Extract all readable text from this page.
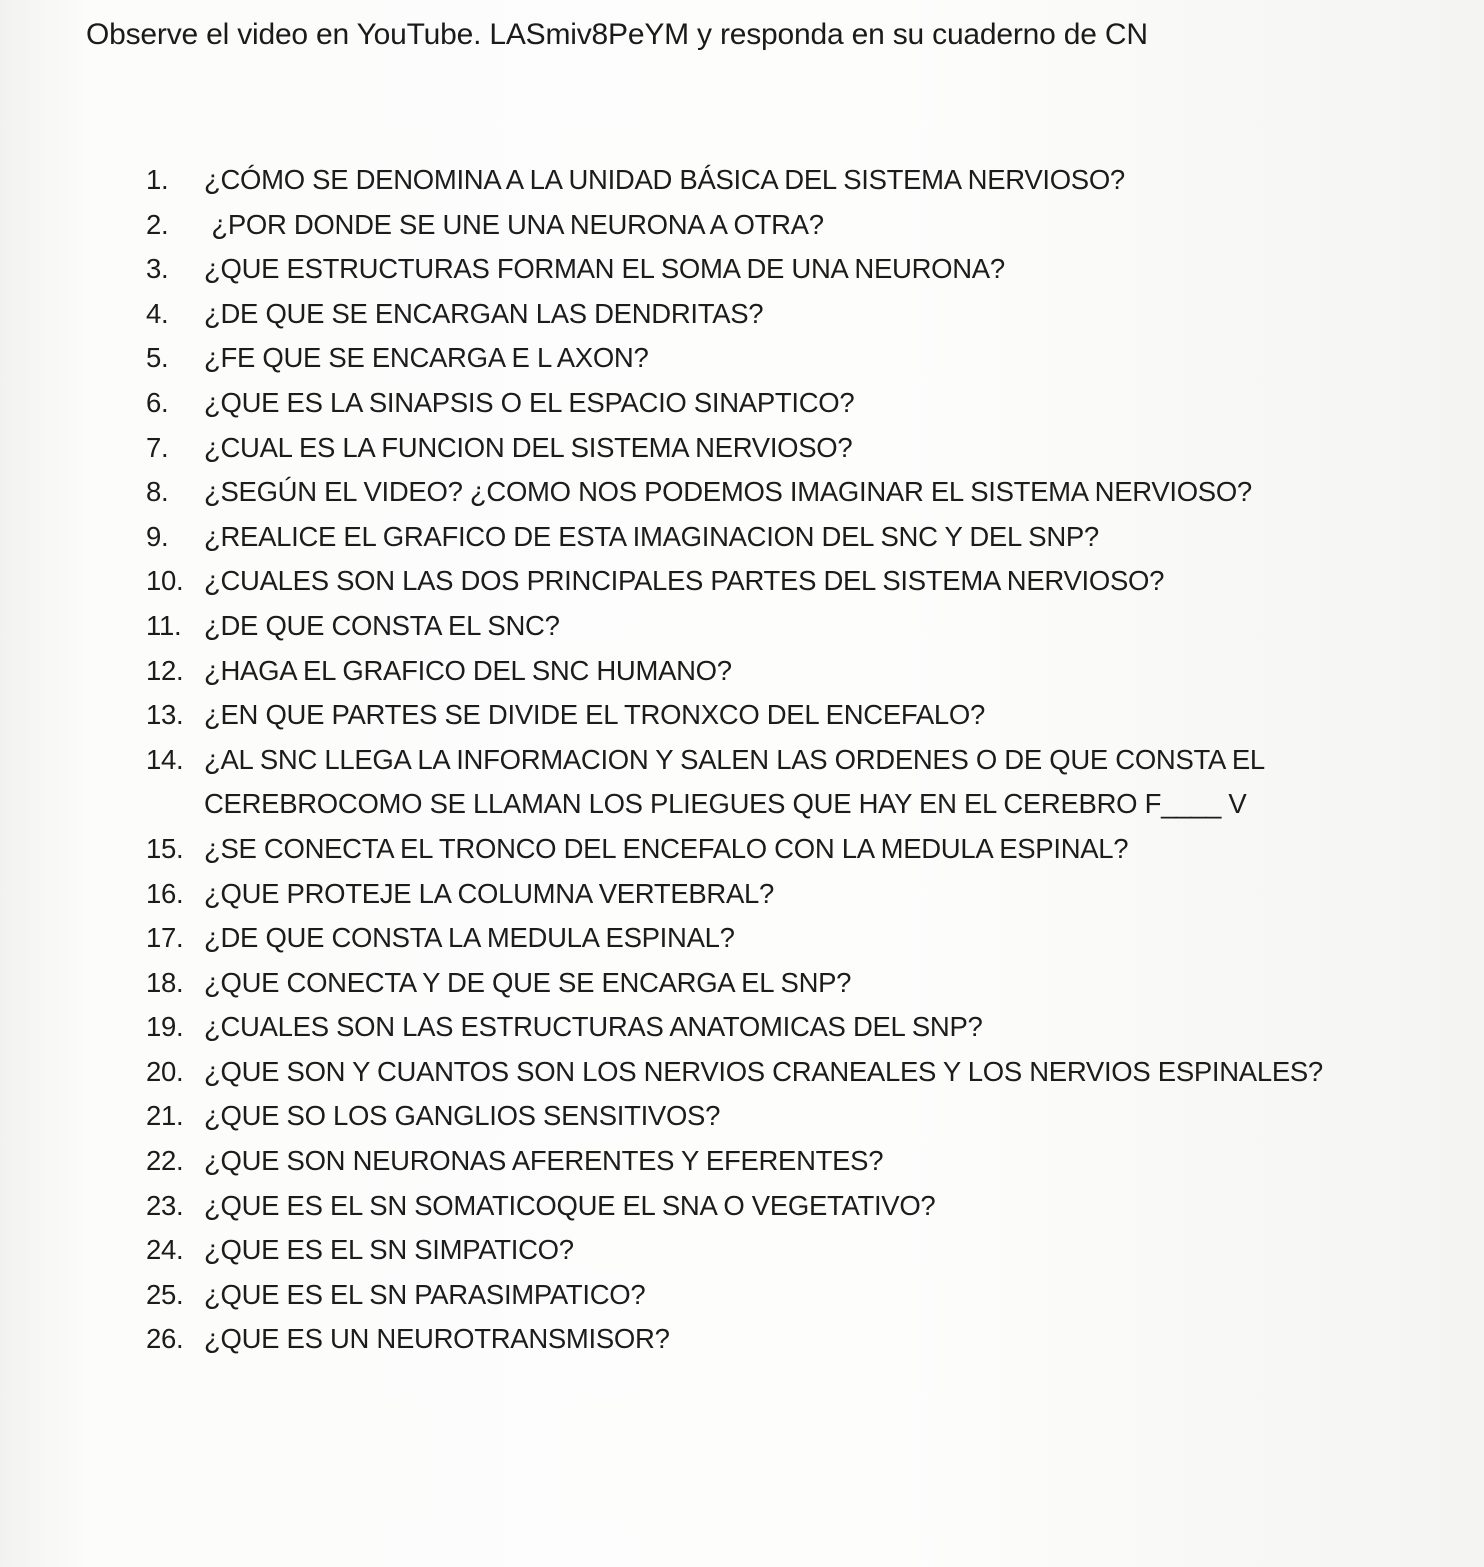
Observe el video en YouTube. LASmiv8PeYM y responda en su cuaderno de CN
1.	¿CÓMO SE DENOMINA A LA UNIDAD BÁSICA DEL SISTEMA NERVIOSO?
2.	¿POR DONDE SE UNE UNA NEURONA A OTRA?
3.	¿QUE ESTRUCTURAS FORMAN EL SOMA DE UNA NEURONA?
4.	¿DE QUE SE ENCARGAN LAS DENDRITAS?
5.	¿FE QUE SE ENCARGA E L AXON?
6.	¿QUE ES LA SINAPSIS O EL ESPACIO SINAPTICO?
7.	¿CUAL ES LA FUNCION DEL SISTEMA NERVIOSO?
8.	¿SEGÚN EL VIDEO? ¿COMO NOS PODEMOS IMAGINAR EL SISTEMA NERVIOSO?
9.	¿REALICE EL GRAFICO DE ESTA IMAGINACION DEL SNC Y DEL SNP?
10. ¿CUALES SON LAS DOS PRINCIPALES PARTES DEL SISTEMA NERVIOSO?
11. ¿DE QUE CONSTA EL SNC?
12. ¿HAGA EL GRAFICO DEL SNC HUMANO?
13. ¿EN QUE PARTES SE DIVIDE EL TRONXCO DEL ENCEFALO?
14. ¿AL SNC LLEGA LA INFORMACION Y SALEN LAS ORDENES O DE QUE CONSTA EL CEREBROCOMO SE LLAMAN LOS PLIEGUES QUE HAY EN EL CEREBRO F____ V
15. ¿SE CONECTA EL TRONCO DEL ENCEFALO CON LA MEDULA ESPINAL?
16. ¿QUE PROTEJE LA COLUMNA VERTEBRAL?
17. ¿DE QUE CONSTA LA MEDULA ESPINAL?
18. ¿QUE CONECTA Y DE QUE SE ENCARGA EL SNP?
19. ¿CUALES SON LAS ESTRUCTURAS ANATOMICAS DEL SNP?
20. ¿QUE SON Y CUANTOS SON LOS NERVIOS CRANEALES Y LOS NERVIOS ESPINALES?
21. ¿QUE SO LOS GANGLIOS SENSITIVOS?
22. ¿QUE SON NEURONAS AFERENTES Y EFERENTES?
23. ¿QUE ES EL SN SOMATICOQUE EL SNA O VEGETATIVO?
24. ¿QUE ES EL SN SIMPATICO?
25. ¿QUE ES EL SN PARASIMPATICO?
26. ¿QUE ES UN NEUROTRANSMISOR?
